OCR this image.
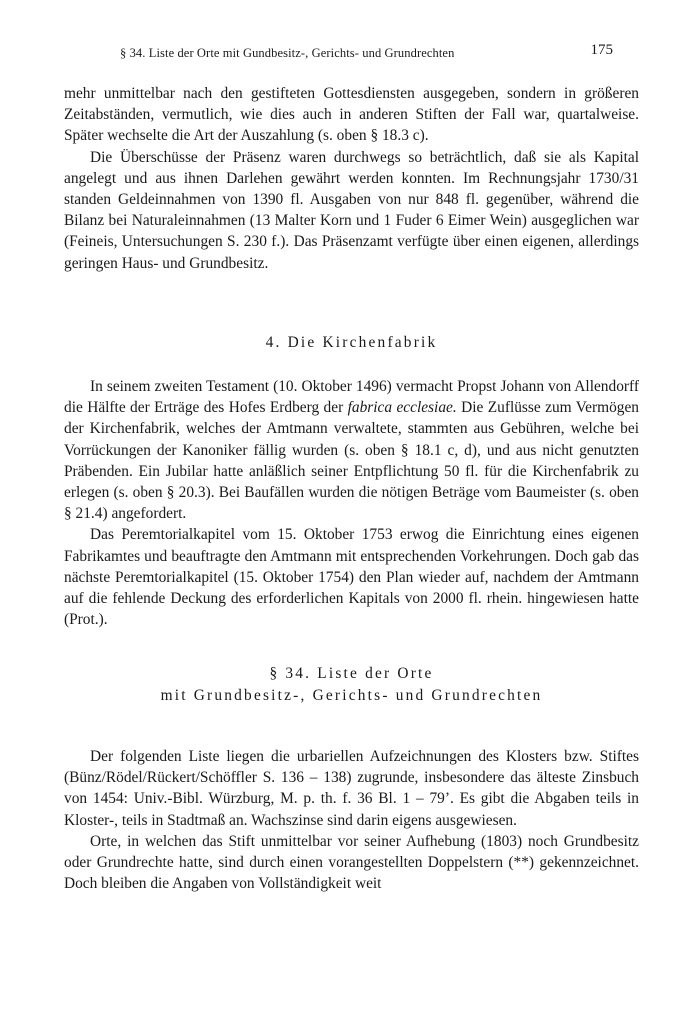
§ 34. Liste der Orte mit Gundbesitz-, Gerichts- und Grundrechten	175

mehr unmittelbar nach den gestifteten Gottesdiensten ausgegeben, sondern in größeren Zeitabständen, vermutlich, wie dies auch in anderen Stiften der Fall war, quartalweise. Später wechselte die Art der Auszahlung (s. oben § 18.3 c).

Die Überschüsse der Präsenz waren durchwegs so beträchtlich, daß sie als Kapital angelegt und aus ihnen Darlehen gewährt werden konnten. Im Rechnungsjahr 1730/31 standen Geldeinnahmen von 1390 fl. Ausgaben von nur 848 fl. gegenüber, während die Bilanz bei Naturaleinnahmen (13 Malter Korn und 1 Fuder 6 Eimer Wein) ausgeglichen war (Feineis, Untersuchungen S. 230 f.). Das Präsenzamt verfügte über einen eigenen, allerdings geringen Haus- und Grundbesitz.

4. Die Kirchenfabrik

In seinem zweiten Testament (10. Oktober 1496) vermacht Propst Johann von Allendorff die Hälfte der Erträge des Hofes Erdberg der fabrica ecclesiae. Die Zuflüsse zum Vermögen der Kirchenfabrik, welches der Amtmann verwaltete, stammten aus Gebühren, welche bei Vorrückungen der Kanoniker fällig wurden (s. oben § 18.1 c, d), und aus nicht genutzten Präbenden. Ein Jubilar hatte anläßlich seiner Entpflichtung 50 fl. für die Kirchenfabrik zu erlegen (s. oben § 20.3). Bei Baufällen wurden die nötigen Beträge vom Baumeister (s. oben § 21.4) angefordert.

Das Peremtorialkapitel vom 15. Oktober 1753 erwog die Einrichtung eines eigenen Fabrikamtes und beauftragte den Amtmann mit entsprechenden Vorkehrungen. Doch gab das nächste Peremtorialkapitel (15. Oktober 1754) den Plan wieder auf, nachdem der Amtmann auf die fehlende Deckung des erforderlichen Kapitals von 2000 fl. rhein. hingewiesen hatte (Prot.).

§ 34. Liste der Orte
mit Grundbesitz-, Gerichts- und Grundrechten

Der folgenden Liste liegen die urbariellen Aufzeichnungen des Klosters bzw. Stiftes (Bünz/Rödel/Rückert/Schöffler S. 136 – 138) zugrunde, insbesondere das älteste Zinsbuch von 1454: Univ.-Bibl. Würzburg, M. p. th. f. 36 Bl. 1 – 79’. Es gibt die Abgaben teils in Kloster-, teils in Stadtmaß an. Wachszinse sind darin eigens ausgewiesen.

Orte, in welchen das Stift unmittelbar vor seiner Aufhebung (1803) noch Grundbesitz oder Grundrechte hatte, sind durch einen vorangestellten Doppelstern (**) gekennzeichnet. Doch bleiben die Angaben von Vollständigkeit weit
